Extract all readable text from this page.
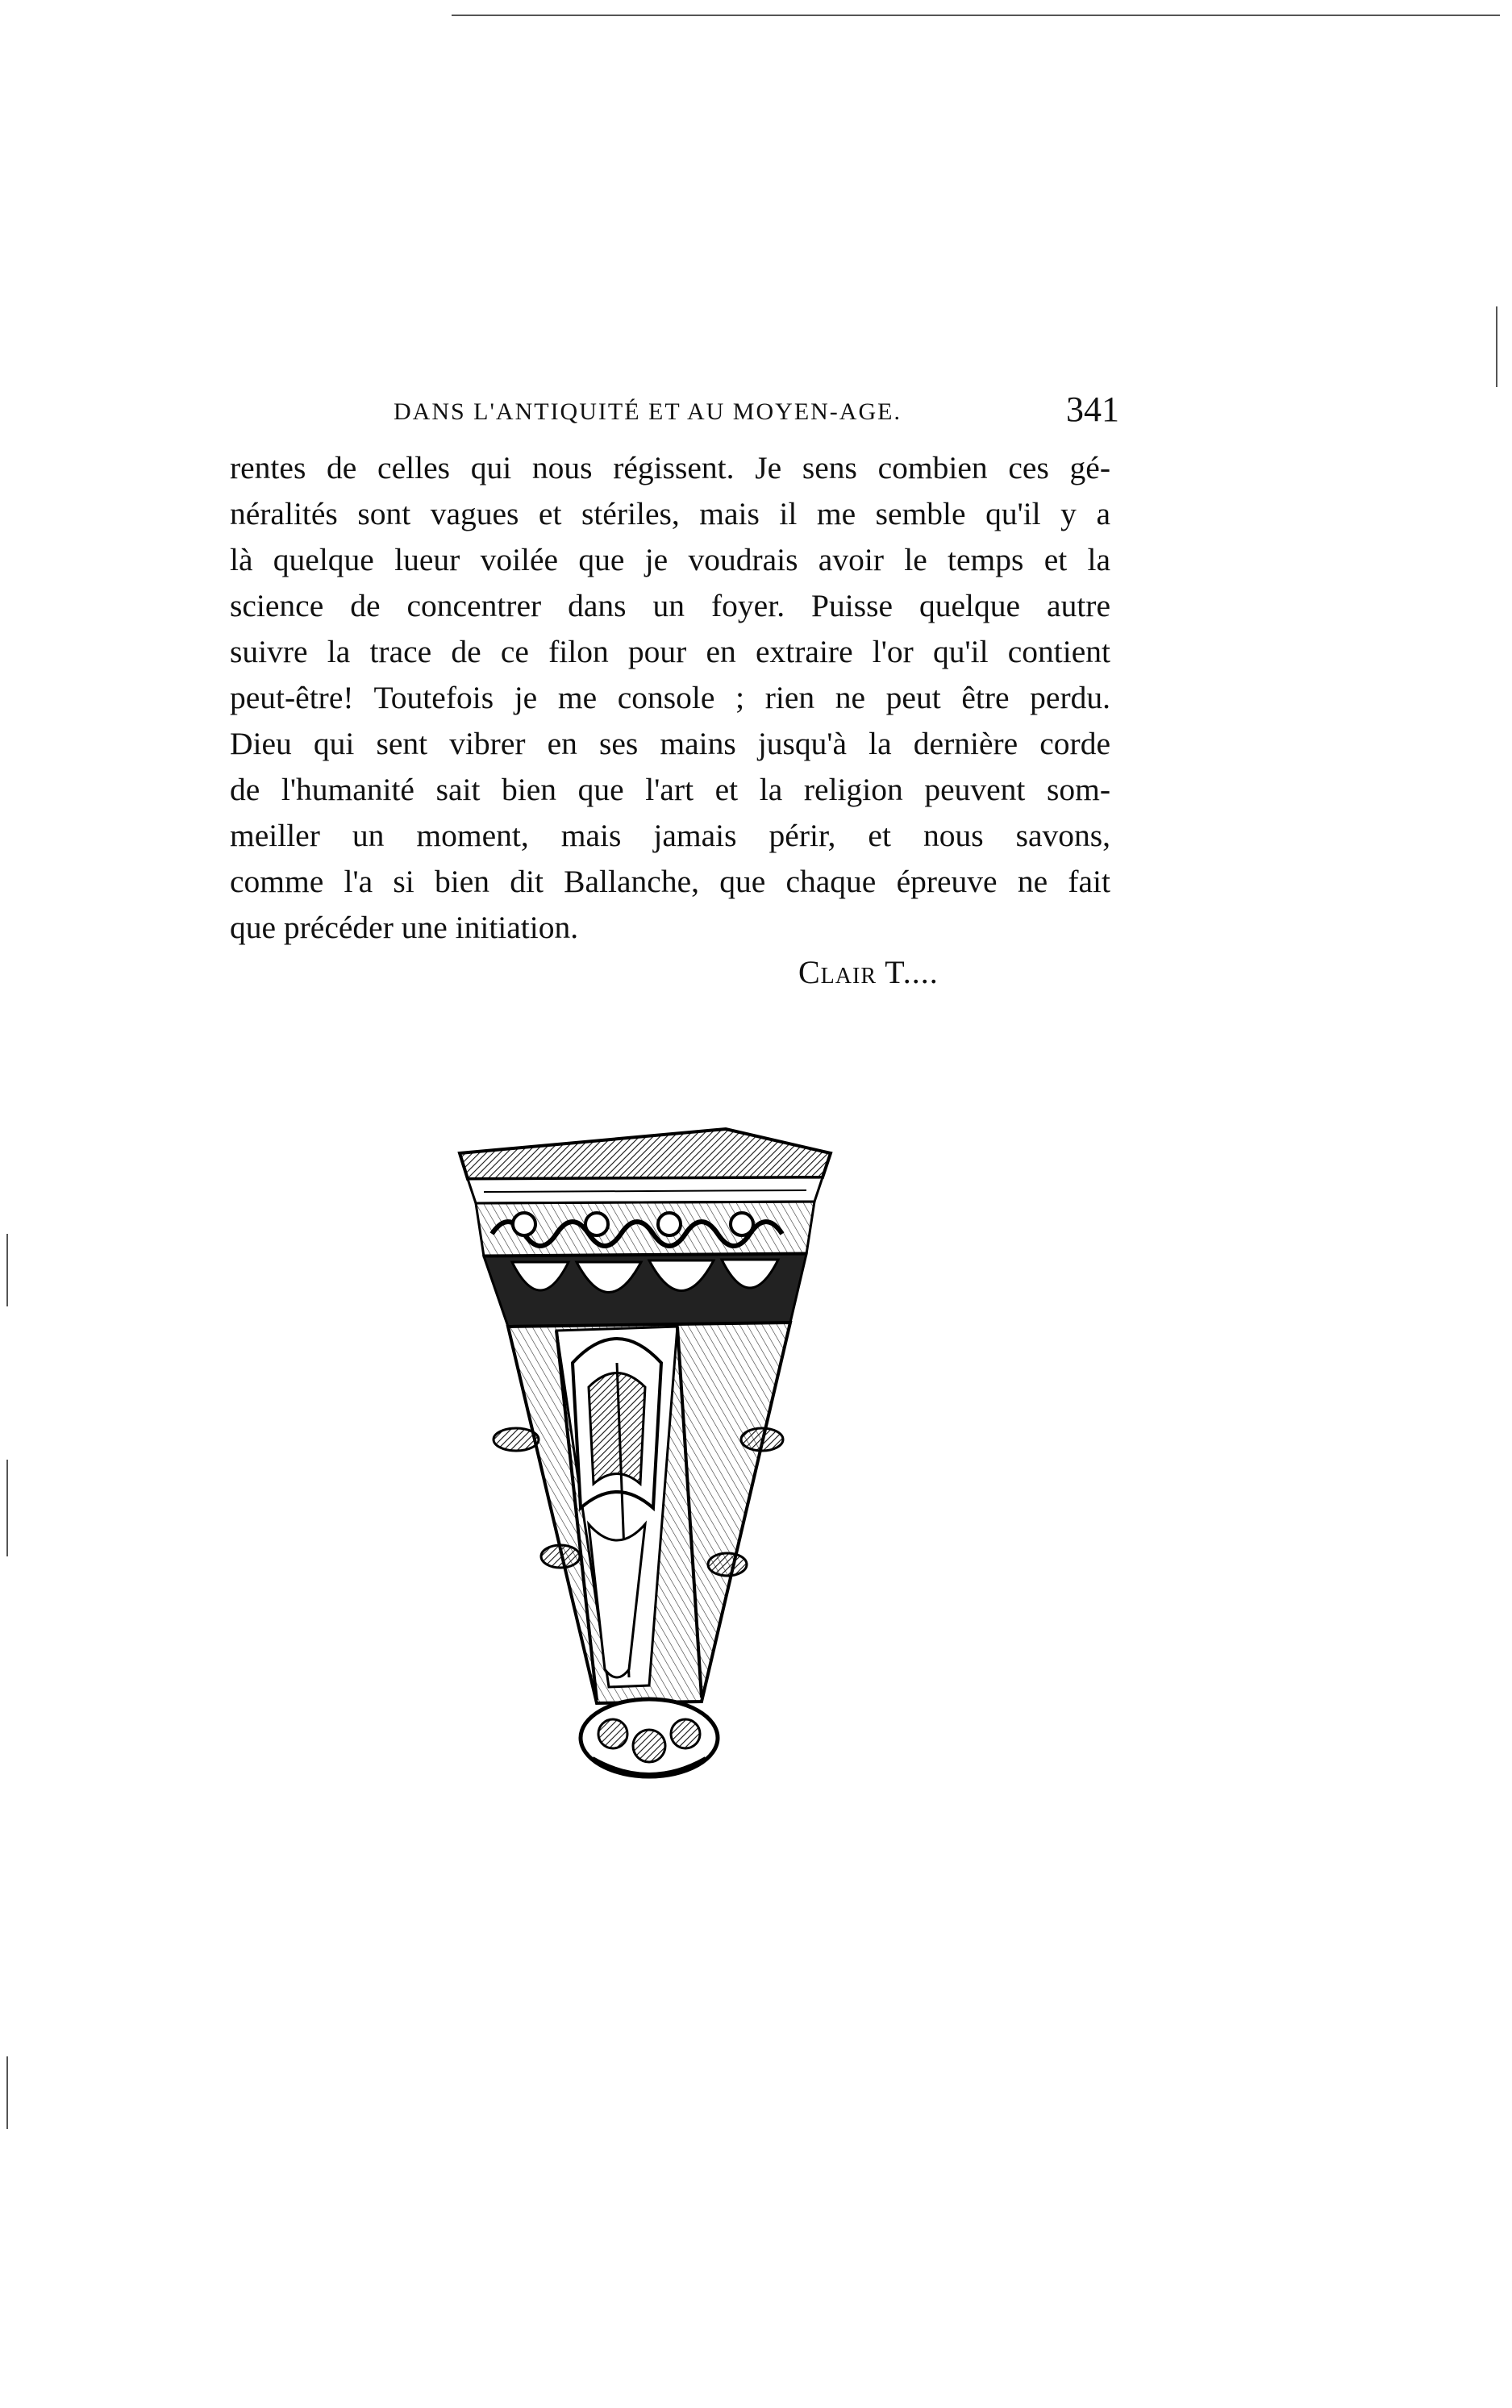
DANS L'ANTIQUITÉ ET AU MOYEN-AGE.	341

rentes de celles qui nous régissent. Je sens combien ces gé-
néralités sont vagues et stériles, mais il me semble qu'il y a
là quelque lueur voilée que je voudrais avoir le temps et la
science de concentrer dans un foyer. Puisse quelque autre
suivre la trace de ce filon pour en extraire l'or qu'il contient
peut-être! Toutefois je me console ; rien ne peut être perdu.
Dieu qui sent vibrer en ses mains jusqu'à la dernière corde
de l'humanité sait bien que l'art et la religion peuvent som-
meiller un moment, mais jamais périr, et nous savons,
comme l'a si bien dit Ballanche, que chaque épreuve ne fait
que précéder une initiation.

Clair T....
